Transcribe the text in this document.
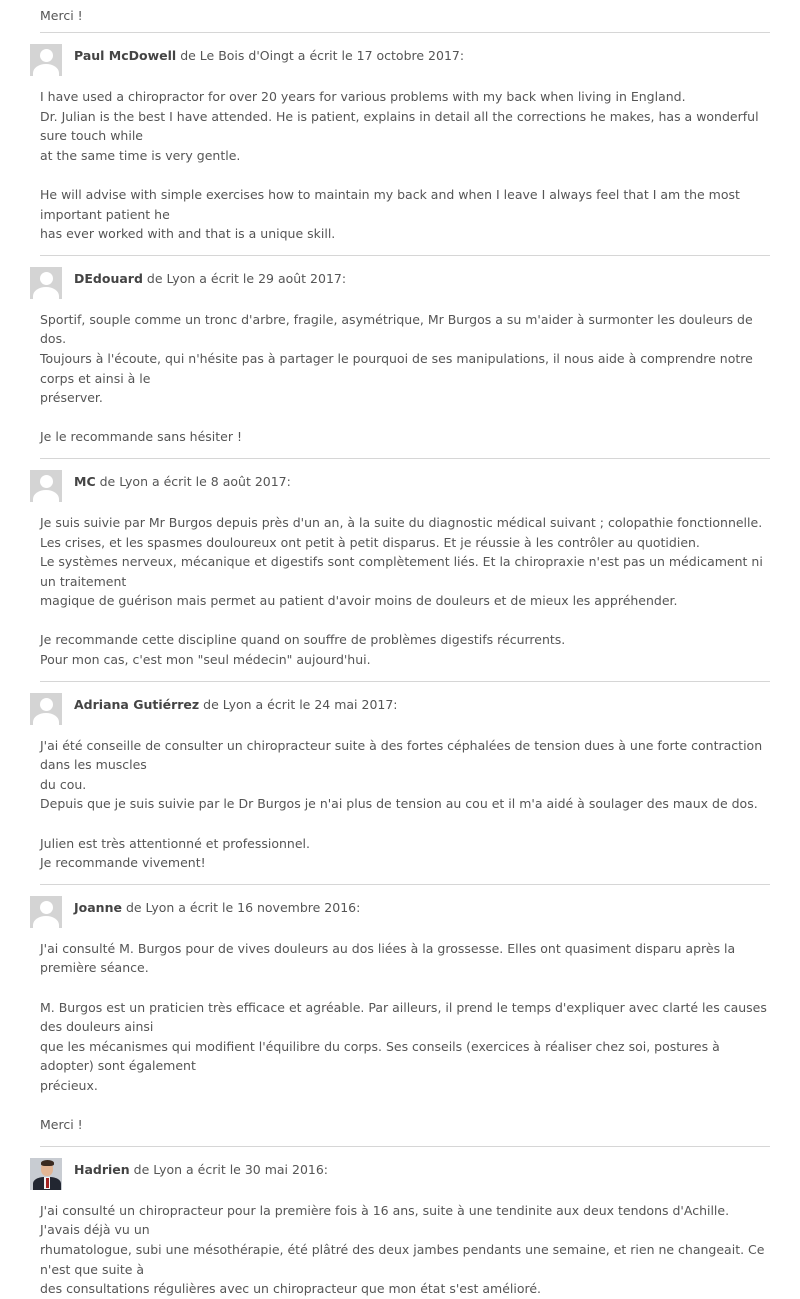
Merci !

Paul McDowell de Le Bois d'Oingt a écrit le 17 octobre 2017:

I have used a chiropractor for over 20 years for various problems with my back when living in England.
Dr. Julian is the best I have attended. He is patient, explains in detail all the corrections he makes, has a wonderful sure touch while
at the same time is very gentle.

He will advise with simple exercises how to maintain my back and when I leave I always feel that I am the most important patient he
has ever worked with and that is a unique skill.

DEdouard de Lyon a écrit le 29 août 2017:

Sportif, souple comme un tronc d'arbre, fragile, asymétrique, Mr Burgos a su m'aider à surmonter les douleurs de dos.
Toujours à l'écoute, qui n'hésite pas à partager le pourquoi de ses manipulations, il nous aide à comprendre notre corps et ainsi à le
préserver.

Je le recommande sans hésiter !

MC de Lyon a écrit le 8 août 2017:

Je suis suivie par Mr Burgos depuis près d'un an, à la suite du diagnostic médical suivant ; colopathie fonctionnelle.
Les crises, et les spasmes douloureux ont petit à petit disparus. Et je réussie à les contrôler au quotidien.
Le systèmes nerveux, mécanique et digestifs sont complètement liés. Et la chiropraxie n'est pas un médicament ni un traitement
magique de guérison mais permet au patient d'avoir moins de douleurs et de mieux les appréhender.

Je recommande cette discipline quand on souffre de problèmes digestifs récurrents.
Pour mon cas, c'est mon "seul médecin" aujourd'hui.

Adriana Gutiérrez de Lyon a écrit le 24 mai 2017:

J'ai été conseille de consulter un chiropracteur suite à des fortes céphalées de tension dues à une forte contraction dans les muscles
du cou.
Depuis que je suis suivie par le Dr Burgos je n'ai plus de tension au cou et il m'a aidé à soulager des maux de dos.

Julien est très attentionné et professionnel.
Je recommande vivement!

Joanne de Lyon a écrit le 16 novembre 2016:

J'ai consulté M. Burgos pour de vives douleurs au dos liées à la grossesse. Elles ont quasiment disparu après la première séance.

M. Burgos est un praticien très efficace et agréable. Par ailleurs, il prend le temps d'expliquer avec clarté les causes des douleurs ainsi
que les mécanismes qui modifient l'équilibre du corps. Ses conseils (exercices à réaliser chez soi, postures à adopter) sont également
précieux.

Merci !

Hadrien de Lyon a écrit le 30 mai 2016:

J'ai consulté un chiropracteur pour la première fois à 16 ans, suite à une tendinite aux deux tendons d'Achille. J'avais déjà vu un
rhumatologue, subi une mésothérapie, été plâtré des deux jambes pendants une semaine, et rien ne changeait. Ce n'est que suite à
des consultations régulières avec un chiropracteur que mon état s'est amélioré.
